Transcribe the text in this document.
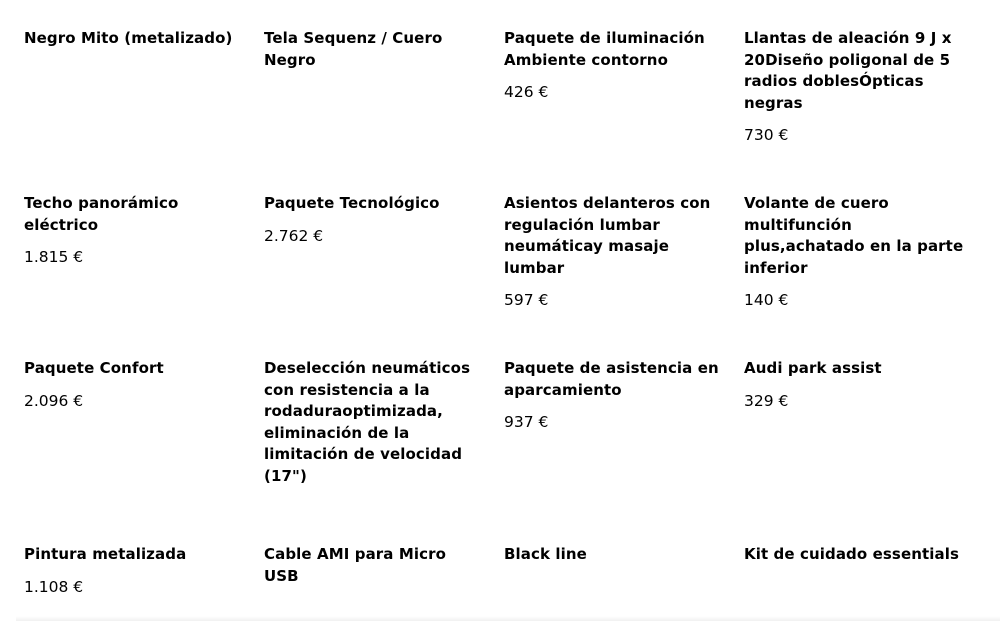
Negro Mito (metalizado)	Tela Sequenz / Cuero Negro
Paquete de iluminación Ambiente contorno
426 €
Llantas de aleación 9 J x 20Diseño poligonal de 5 radios doblesÓpticas negras
730 €
Techo panorámico eléctrico
1.815 €
Paquete Tecnológico
2.762 €
Asientos delanteros con regulación lumbar neumáticay masaje lumbar
597 €
Volante de cuero multifunción plus,achatado en la parte inferior
140 €
Paquete Confort
2.096 €
Deselección neumáticos con resistencia a la rodaduraoptimizada, eliminación de la limitación de velocidad (17")
Paquete de asistencia en aparcamiento
937 €
Audi park assist
329 €
Pintura metalizada
1.108 €
Cable AMI para Micro USB
Black line	Kit de cuidado essentials
